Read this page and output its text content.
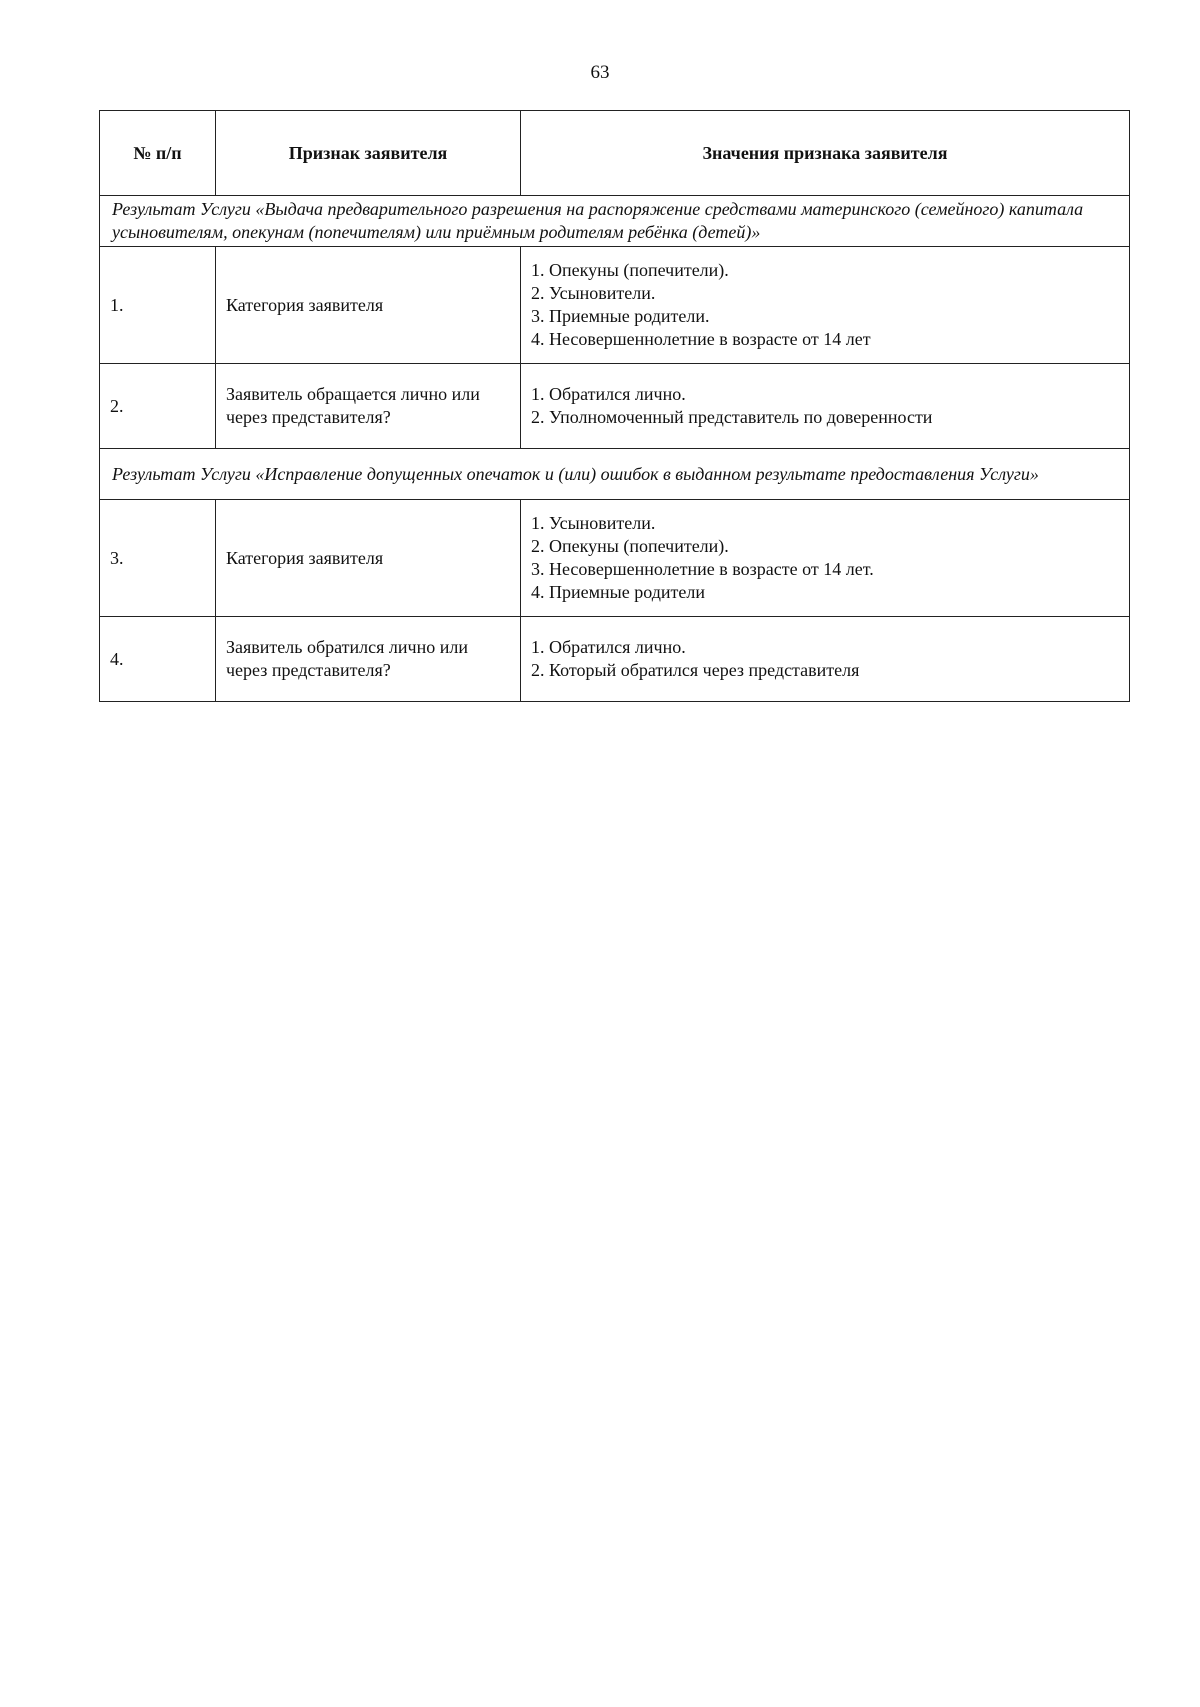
63
№ п/п	Признак заявителя	Значения признака заявителя
Результат Услуги «Выдача предварительного разрешения на распоряжение средствами материнского (семейного) капитала усыновителям, опекунам (попечителям) или приёмным родителям ребёнка (детей)»		
1.	Категория заявителя	1. Опекуны (попечители).
2. Усыновители.
3. Приемные родители.
4. Несовершеннолетние в возрасте от 14 лет

2.	Заявитель обращается лично или через представителя?	1. Обратился лично.
2. Уполномоченный представитель по доверенности

Результат Услуги «Исправление допущенных опечаток и (или) ошибок в выданном результате предоставления Услуги»		
3.	Категория заявителя	1. Усыновители.
2. Опекуны (попечители).
3. Несовершеннолетние в возрасте от 14 лет.
4. Приемные родители

4.	Заявитель обратился лично или через представителя?	1. Обратился лично.
2. Который обратился через представителя
